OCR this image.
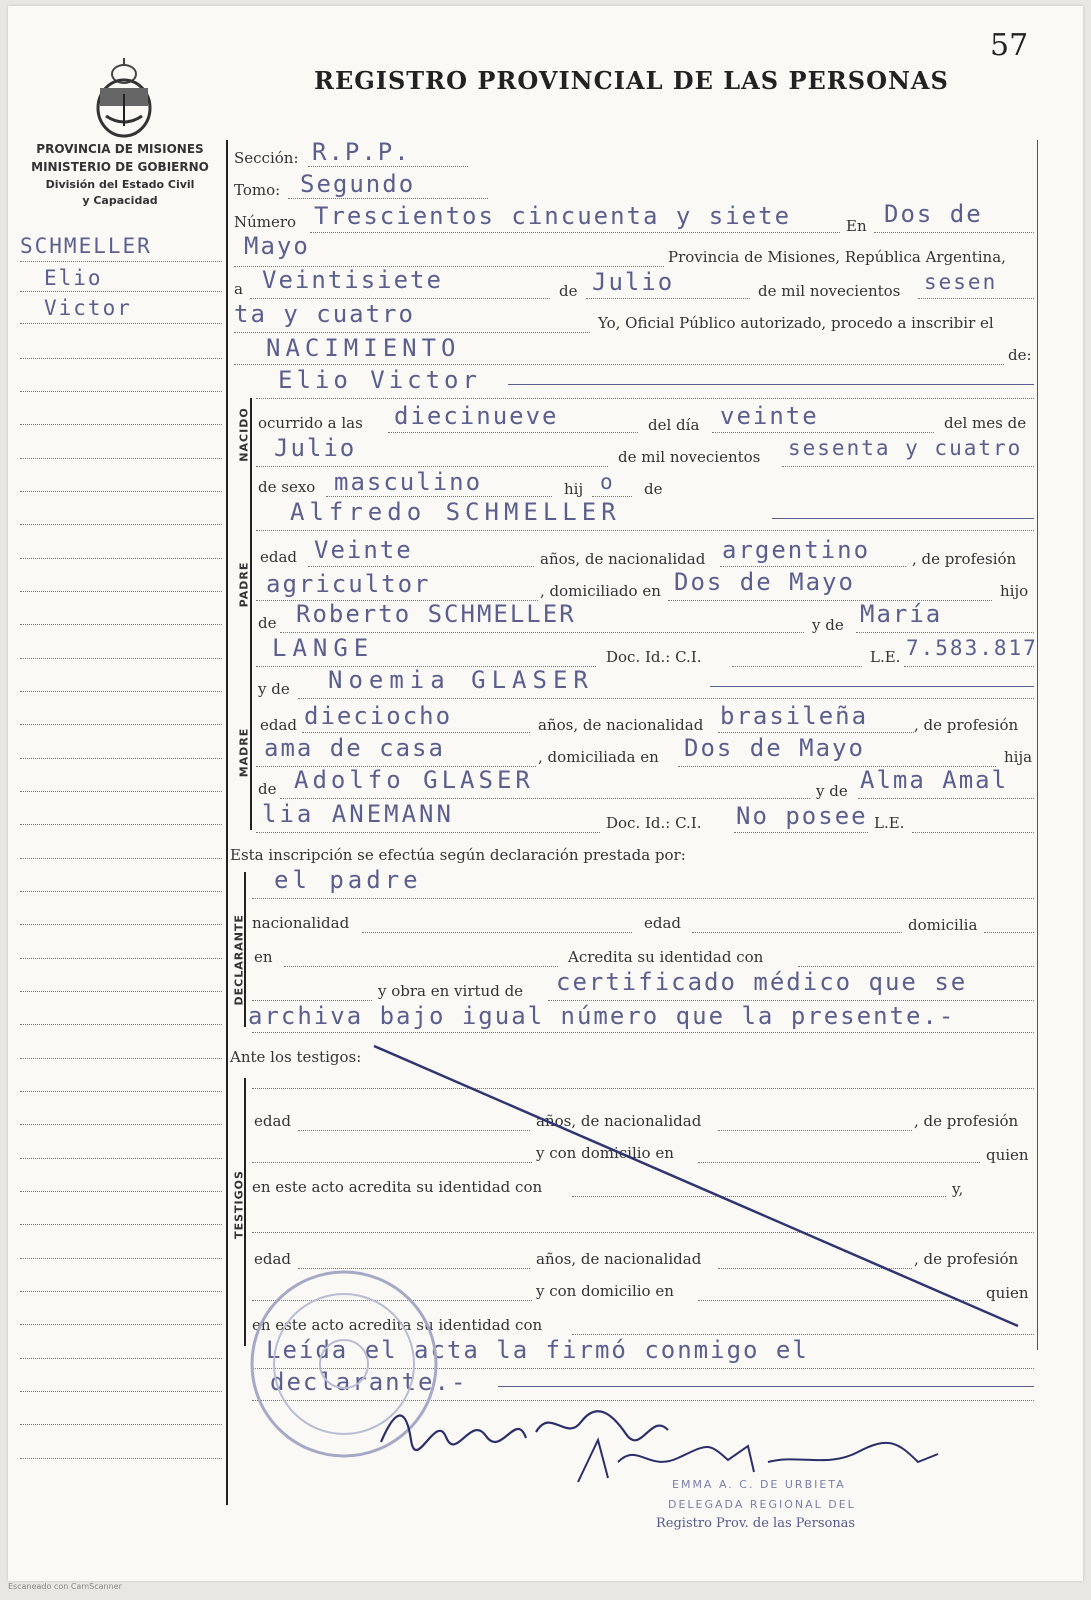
57
REGISTRO PROVINCIAL DE LAS PERSONAS
PROVINCIA DE MISIONES
MINISTERIO DE GOBIERNO
División del Estado Civil
y Capacidad
SCHMELLER
Elio
Victor
NACIDO
PADRE
MADRE
DECLARANTE
TESTIGOS
Sección: R.P.P.
Tomo: Segundo
Número Trescientos cincuenta y siete	En Dos de
Mayo	Provincia de Misiones, República Argentina,
a Veintisiete	de Julio	de mil novecientos sesen
ta y cuatro	Yo, Oficial Público autorizado, procedo a inscribir el
NACIMIENTO	de:
Elio Victor
ocurrido a las diecinueve	del día veinte	del mes de
Julio	de mil novecientos sesenta y cuatro
de sexo masculino	hij o de
Alfredo SCHMELLER
edad Veinte	años, de nacionalidad argentino	, de profesión
agricultor	, domiciliado en Dos de Mayo	hijo
de Roberto SCHMELLER	y de María
LANGE	Doc. Id.: C.I.	L.E. 7.583.817
y de Noemia GLASER
edad dieciocho	años, de nacionalidad brasileña	, de profesión
ama de casa	, domiciliada en Dos de Mayo	hija
de Adolfo GLASER	y de Alma Amal
lia ANEMANN	Doc. Id.: C.I. No posee L.E.
Esta inscripción se efectúa según declaración prestada por:
el padre
nacionalidad	edad	domicilia
en	Acredita su identidad con
y obra en virtud de certificado médico que se
archiva bajo igual número que la presente.-
Ante los testigos:
edad	años, de nacionalidad	, de profesión
y con domicilio en	quien
en este acto acredita su identidad con	y,
edad	años, de nacionalidad	, de profesión
y con domicilio en	quien
en este acto acredita su identidad con
Leída el acta la firmó conmigo el
declarante.-
EMMA A. C. DE URBIETA
DELEGADA REGIONAL DEL
Registro Prov. de las Personas
Escaneado con CamScanner
